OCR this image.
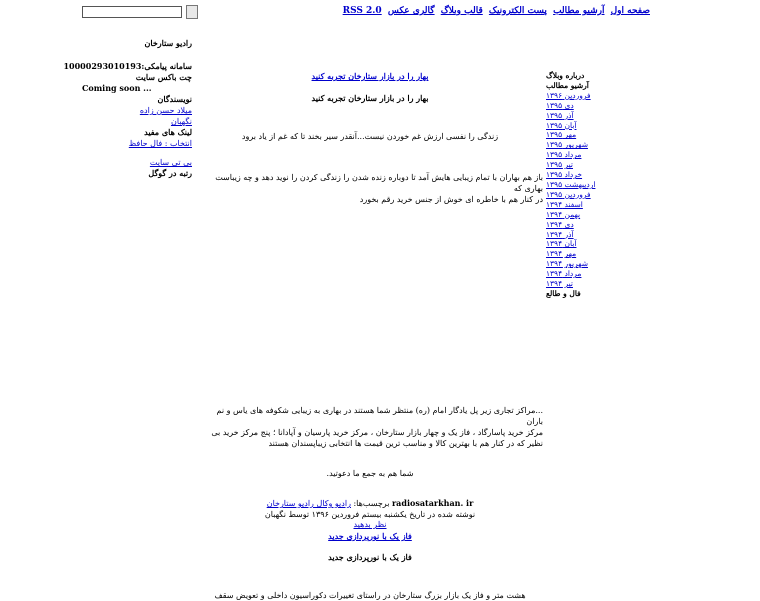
صفحه اول آرشیو مطالب پست الکترونیک قالب وبلاگ گالری عکس RSS 2.0
رادیو ستارخان
سامانه پیامکی:10000293010193
چت باکس سایت
Coming soon ...
نویسندگان
میلاد حسن زاده
نگهبان
لینک های مفید
انتخاب : فال حافظ
بی تی سایت
رتبه در گوگل
درباره وبلاگ
آرشیو مطالب
فروردین ۱۳۹۶
دی ۱۳۹۵
آذر ۱۳۹۵
آبان ۱۳۹۵
مهر ۱۳۹۵
شهریور ۱۳۹۵
مرداد ۱۳۹۵
تیر ۱۳۹۵
خرداد ۱۳۹۵
اردیبهشت ۱۳۹۵
فروردین ۱۳۹۵
اسفند ۱۳۹۴
بهمن ۱۳۹۴
دی ۱۳۹۴
آذر ۱۳۹۴
آبان ۱۳۹۴
مهر ۱۳۹۴
شهریور ۱۳۹۴
مرداد ۱۳۹۴
تیر ۱۳۹۴
فال و طالع
بهار را در بازار ستارخان تجربه کنید
بهار را در بازار ستارخان تجربه کنید
زندگی را نفسی ارزش غم خوردن نیست...آنقدر سیر بخند تا که غم از یاد برود
باز هم بهاران با تمام زیبایی هایش آمد تا دوباره زنده شدن را زندگی کردن را نوید دهد و چه زیباست بهاری که
در کنار هم با خاطره ای خوش از جنس خرید رقم بخورد
...مراکز تجاری زیر پل یادگار امام (ره) منتظر شما هستند در بهاری به زیبایی شکوفه های یاس و نم باران
مرکز خرید پاسارگاد ، فاز یک و چهار بازار ستارخان ، مرکز خرید پارسیان و آپادانا ؛ پنج مرکز خرید بی
نظیر که در کنار هم با بهترین کالا و مناسب ترین قیمت ها انتخابی زیباپسندان هستند
.شما هم به جمع ما دعوتید
radiosatarkhan. ir برچسب‌ها: رادیو وکال رادیو ستارخان
نوشته شده در تاریخ یکشنبه بیستم فروردین ۱۳۹۶ توسط نگهبان
نظر بدهید
فاز یک با نورپردازی جدید
فاز یک با نورپردازی جدید
هشت متر و فاز یک بازار بزرگ ستارخان در راستای تغییرات دکوراسیون داخلی و تعویض سقف
